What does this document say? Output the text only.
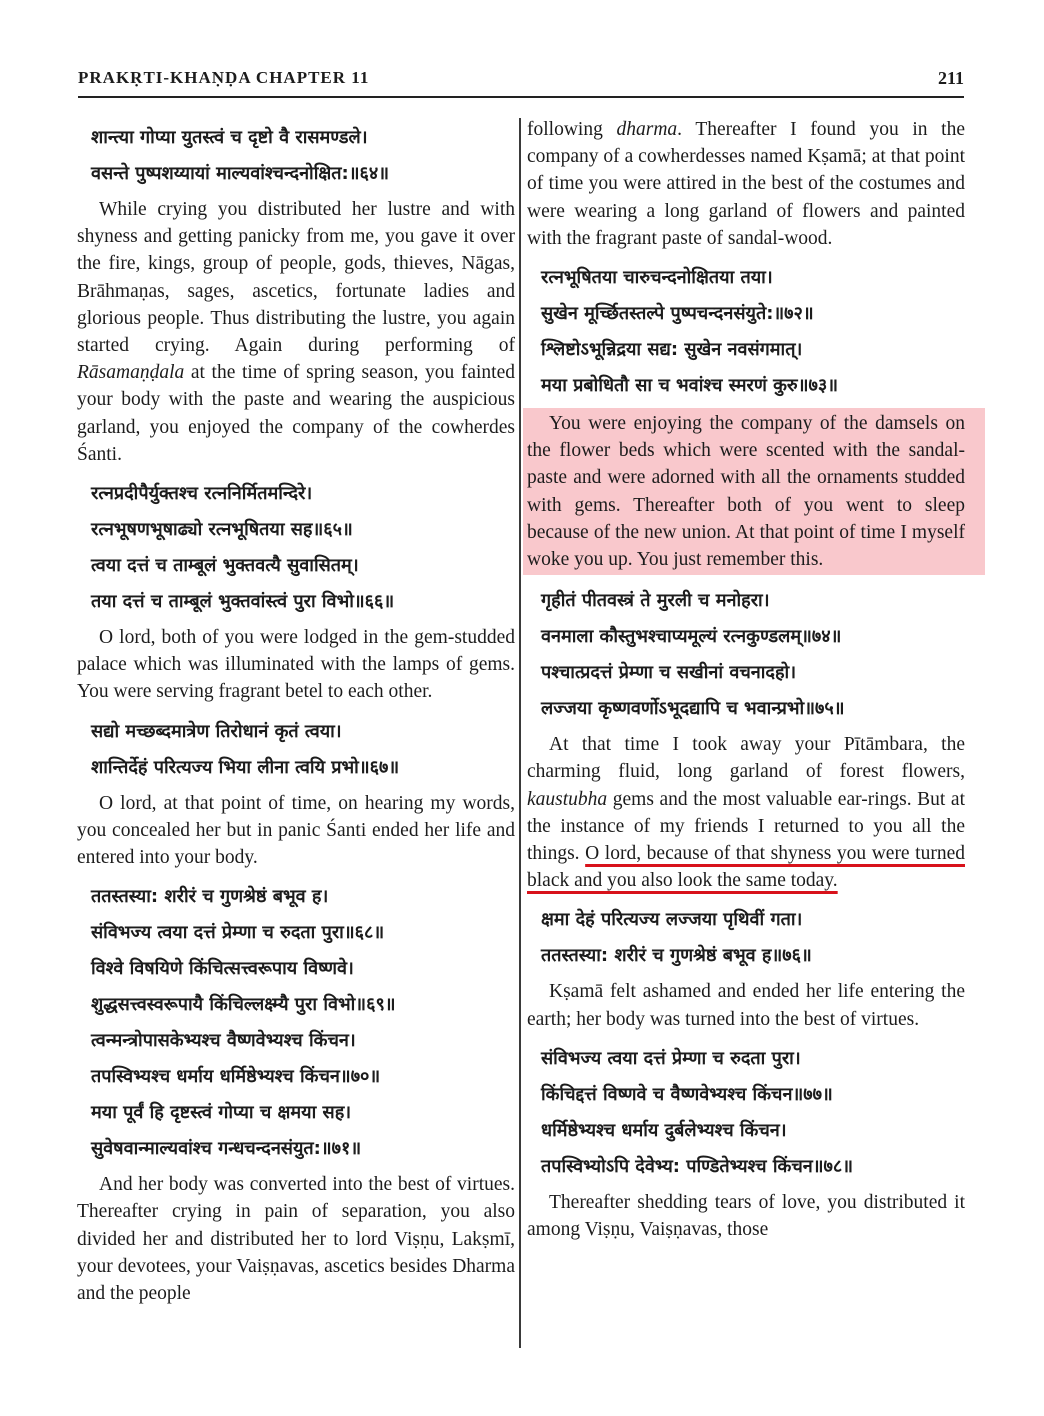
PRAKṚTI-KHAṆḌA CHAPTER 11	211
शान्त्या गोप्या युतस्त्वं च दृष्टो वै रासमण्डले।
वसन्ते पुष्पशय्यायां माल्यवांश्चन्दनोक्षित:॥६४॥

While crying you distributed her lustre and with shyness and getting panicky from me, you gave it over the fire, kings, group of people, gods, thieves, Nāgas, Brāhmaṇas, sages, ascetics, fortunate ladies and glorious people. Thus distributing the lustre, you again started crying. Again during performing of Rāsamaṇḍala at the time of spring season, you fainted your body with the paste and wearing the auspicious garland, you enjoyed the company of the cowherdes Śanti.

रत्नप्रदीपैर्युक्तश्च रत्ननिर्मितमन्दिरे।
रत्नभूषणभूषाढ्यो रत्नभूषितया सह॥६५॥
त्वया दत्तं च ताम्बूलं भुक्तवत्यै सुवासितम्।
तया दत्तं च ताम्बूलं भुक्तवांस्त्वं पुरा विभो॥६६॥

O lord, both of you were lodged in the gem-studded palace which was illuminated with the lamps of gems. You were serving fragrant betel to each other.

सद्यो मच्छब्दमात्रेण तिरोधानं कृतं त्वया।
शान्तिर्देहं परित्यज्य भिया लीना त्वयि प्रभो॥६७॥

O lord, at that point of time, on hearing my words, you concealed her but in panic Śanti ended her life and entered into your body.

ततस्तस्या: शरीरं च गुणश्रेष्ठं बभूव ह।
संविभज्य त्वया दत्तं प्रेम्णा च रुदता पुरा॥६८॥
विश्वे विषयिणे किंचित्सत्त्वरूपाय विष्णवे।
शुद्धसत्त्वस्वरूपायै किंचिल्लक्ष्म्यै पुरा विभो॥६९॥
त्वन्मन्त्रोपासकेभ्यश्च वैष्णवेभ्यश्च किंचन।
तपस्विभ्यश्च धर्माय धर्मिष्ठेभ्यश्च किंचन॥७०॥
मया पूर्वं हि दृष्टस्त्वं गोप्या च क्षमया सह।
सुवेषवान्माल्यवांश्च गन्धचन्दनसंयुत:॥७१॥

And her body was converted into the best of virtues. Thereafter crying in pain of separation, you also divided her and distributed her to lord Viṣṇu, Lakṣmī, your devotees, your Vaiṣṇavas, ascetics besides Dharma and the people

following dharma. Thereafter I found you in the company of a cowherdesses named Kṣamā; at that point of time you were attired in the best of the costumes and were wearing a long garland of flowers and painted with the fragrant paste of sandal-wood.

रत्नभूषितया चारुचन्दनोक्षितया तया।
सुखेन मूर्च्छितस्तल्पे पुष्पचन्दनसंयुते:॥७२॥
श्लिष्टोऽभून्निद्रया सद्य: सुखेन नवसंगमात्।
मया प्रबोधितौ सा च भवांश्च स्मरणं कुरु॥७३॥

You were enjoying the company of the damsels on the flower beds which were scented with the sandal-paste and were adorned with all the ornaments studded with gems. Thereafter both of you went to sleep because of the new union. At that point of time I myself woke you up. You just remember this.

गृहीतं पीतवस्त्रं ते मुरली च मनोहरा।
वनमाला कौस्तुभश्चाप्यमूल्यं रत्नकुण्डलम्॥७४॥
पश्चात्प्रदत्तं प्रेम्णा च सखीनां वचनादहो।
लज्जया कृष्णवर्णोऽभूदद्यापि च भवान्प्रभो॥७५॥

At that time I took away your Pītāmbara, the charming fluid, long garland of forest flowers, kaustubha gems and the most valuable ear-rings. But at the instance of my friends I returned to you all the things. O lord, because of that shyness you were turned black and you also look the same today.

क्षमा देहं परित्यज्य लज्जया पृथिवीं गता।
ततस्तस्या: शरीरं च गुणश्रेष्ठं बभूव ह॥७६॥

Kṣamā felt ashamed and ended her life entering the earth; her body was turned into the best of virtues.

संविभज्य त्वया दत्तं प्रेम्णा च रुदता पुरा।
किंचिद्दत्तं विष्णवे च वैष्णवेभ्यश्च किंचन॥७७॥
धर्मिष्ठेभ्यश्च धर्माय दुर्बलेभ्यश्च किंचन।
तपस्विभ्योऽपि देवेभ्य: पण्डितेभ्यश्च किंचन॥७८॥

Thereafter shedding tears of love, you distributed it among Viṣṇu, Vaiṣṇavas, those
